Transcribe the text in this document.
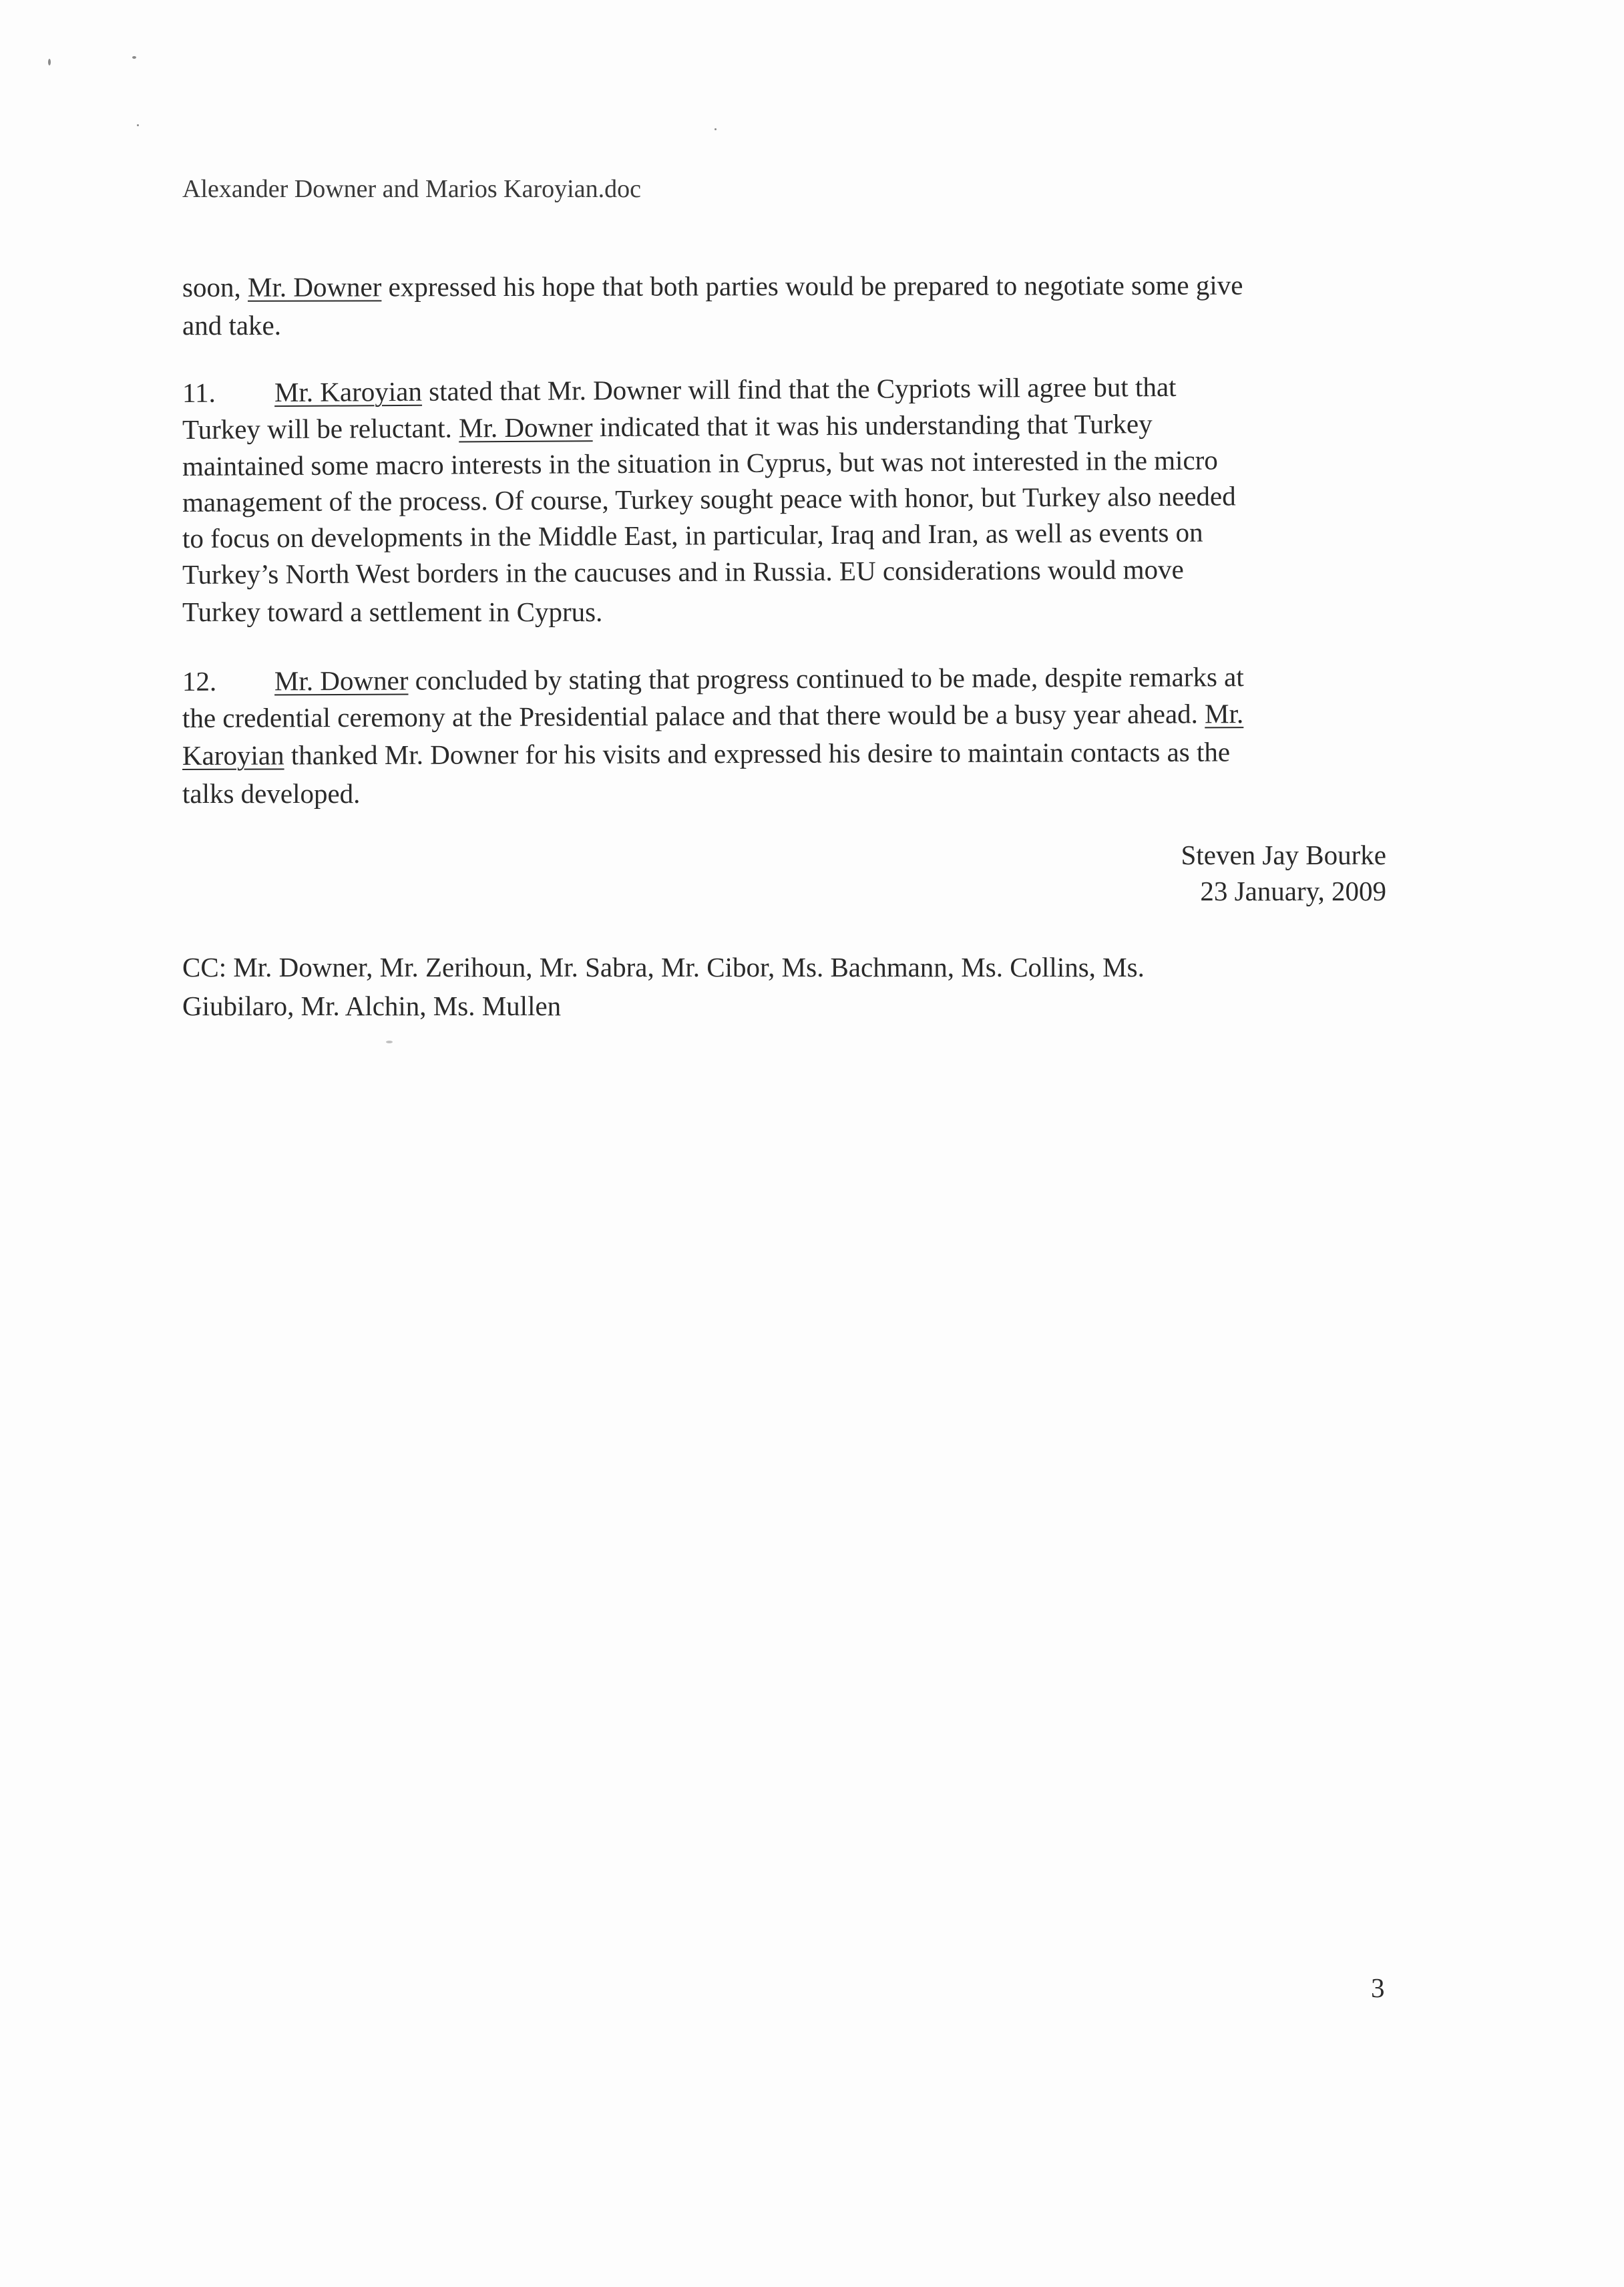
Alexander Downer and Marios Karoyian.doc
soon, Mr. Downer expressed his hope that both parties would be prepared to negotiate some give
and take.
11. Mr. Karoyian stated that Mr. Downer will find that the Cypriots will agree but that
Turkey will be reluctant. Mr. Downer indicated that it was his understanding that Turkey
maintained some macro interests in the situation in Cyprus, but was not interested in the micro
management of the process. Of course, Turkey sought peace with honor, but Turkey also needed
to focus on developments in the Middle East, in particular, Iraq and Iran, as well as events on
Turkey’s North West borders in the caucuses and in Russia. EU considerations would move
Turkey toward a settlement in Cyprus.
12. Mr. Downer concluded by stating that progress continued to be made, despite remarks at
the credential ceremony at the Presidential palace and that there would be a busy year ahead. Mr.
Karoyian thanked Mr. Downer for his visits and expressed his desire to maintain contacts as the
talks developed.
Steven Jay Bourke
23 January, 2009
CC: Mr. Downer, Mr. Zerihoun, Mr. Sabra, Mr. Cibor, Ms. Bachmann, Ms. Collins, Ms.
Giubilaro, Mr. Alchin, Ms. Mullen
3
